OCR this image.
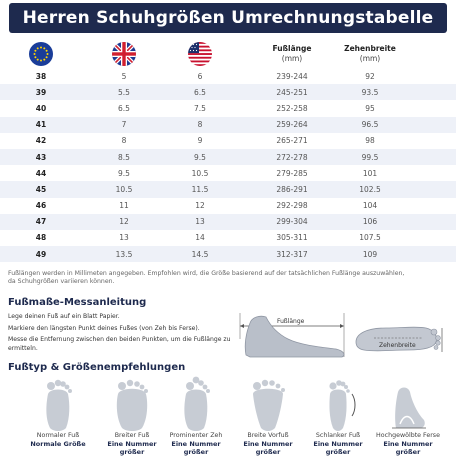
Herren Schuhgrößen Umrechnungstabelle
Fußlänge
(mm)
Zehenbreite
(mm)
38	5	6	239-244	92
39	5.5	6.5	245-251	93.5
40	6.5	7.5	252-258	95
41	7	8	259-264	96.5
42	8	9	265-271	98
43	8.5	9.5	272-278	99.5
44	9.5	10.5	279-285	101
45	10.5	11.5	286-291	102.5
46	11	12	292-298	104
47	12	13	299-304	106
48	13	14	305-311	107.5
49	13.5	14.5	312-317	109
Fußlängen werden in Millimeten angegeben. Empfohlen wird, die Größe basierend auf der tatsächlichen Fußlänge auszuwählen,
da Schuhgrößen variieren können.
Fußmaße-Messanleitung

Lege deinen Fuß auf ein Blatt Papier.

Markiere den längsten Punkt deines Fußes (von Zeh bis Ferse).

Messe die Entfernung zwischen den beiden Punkten, um die Fußlänge zu ermitteln.

Fußlänge
Zehenbreite
Fußtyp & Größenempfehlungen
Normaler Fuß
Normale Größe
Breiter Fuß
Eine Nummer größer
Prominenter Zeh
Eine Nummer größer
Breite Vorfuß
Eine Nummer größer
Schlanker Fuß
Eine Nummer größer
Hochgewölbte Ferse
Eine Nummer größer
